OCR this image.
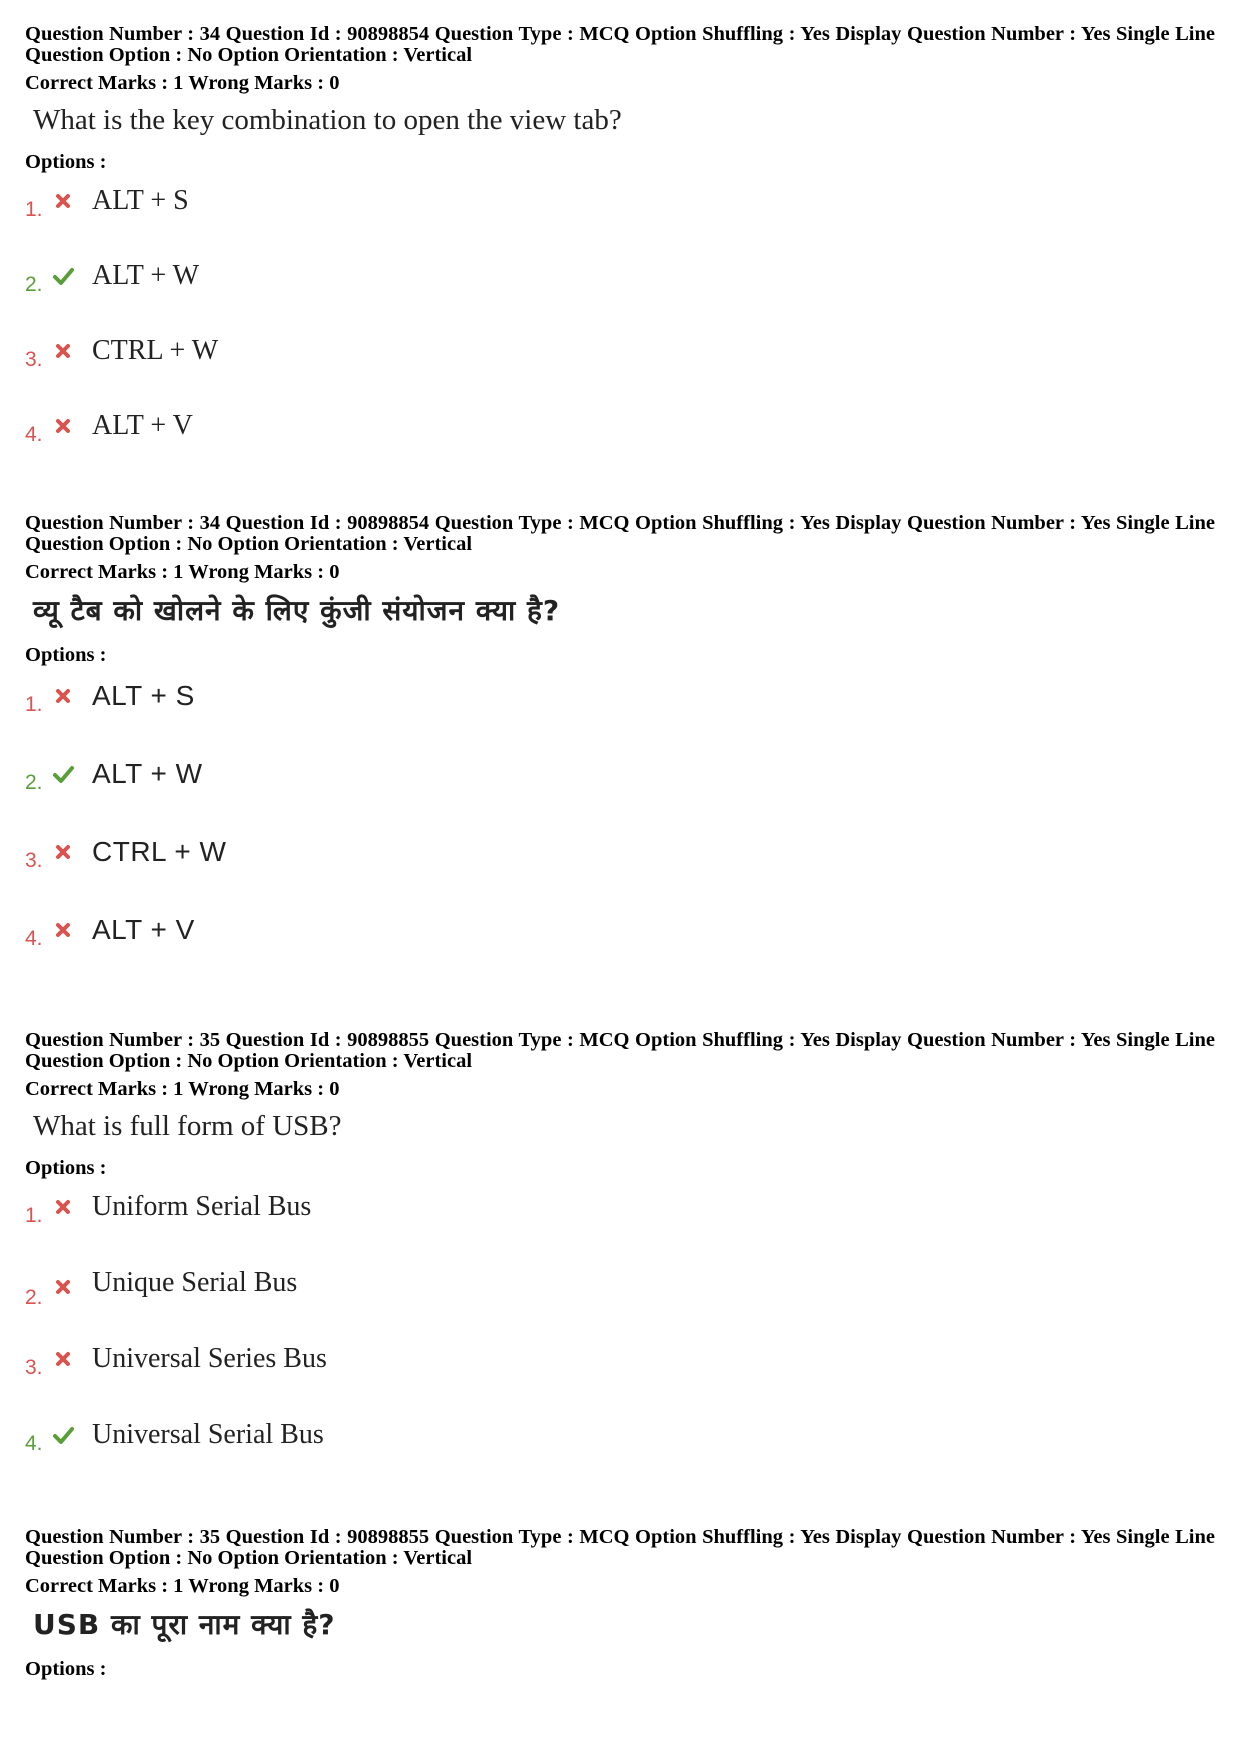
Question Number : 34 Question Id : 90898854 Question Type : MCQ Option Shuffling : Yes Display Question Number : Yes Single Line Question Option : No Option Orientation : Vertical
Correct Marks : 1 Wrong Marks : 0
What is the key combination to open the view tab?
Options :
1. ALT + S
2. ALT + W
3. CTRL + W
4. ALT + V
Question Number : 34 Question Id : 90898854 Question Type : MCQ Option Shuffling : Yes Display Question Number : Yes Single Line Question Option : No Option Orientation : Vertical
Correct Marks : 1 Wrong Marks : 0
व्यू टैब को खोलने के लिए कुंजी संयोजन क्या है?
Options :
1. ALT + S
2. ALT + W
3. CTRL + W
4. ALT + V
Question Number : 35 Question Id : 90898855 Question Type : MCQ Option Shuffling : Yes Display Question Number : Yes Single Line Question Option : No Option Orientation : Vertical
Correct Marks : 1 Wrong Marks : 0
What is full form of USB?
Options :
1. Uniform Serial Bus
2. Unique Serial Bus
3. Universal Series Bus
4. Universal Serial Bus
Question Number : 35 Question Id : 90898855 Question Type : MCQ Option Shuffling : Yes Display Question Number : Yes Single Line Question Option : No Option Orientation : Vertical
Correct Marks : 1 Wrong Marks : 0
USB का पूरा नाम क्या है?
Options :
